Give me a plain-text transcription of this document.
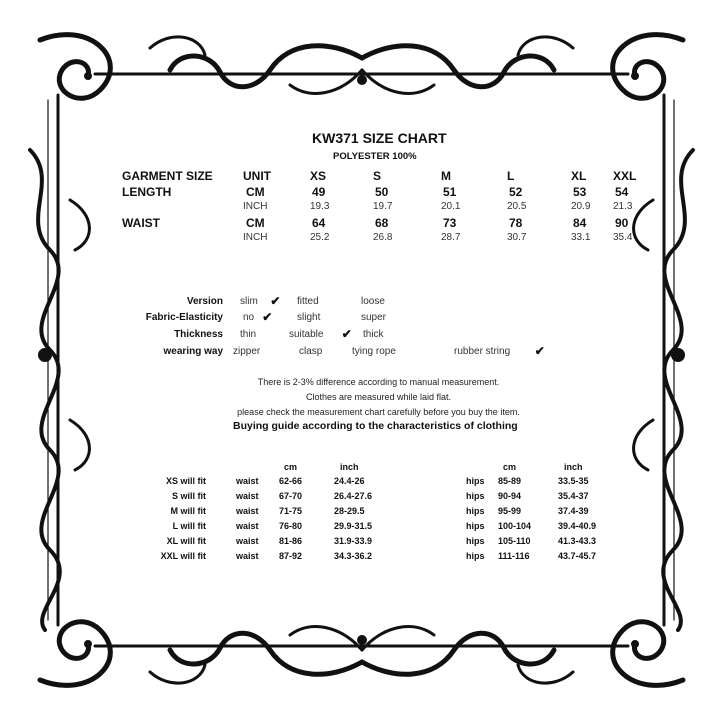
KW371 SIZE CHART
POLYESTER 100%
GARMENT SIZE	UNIT	XS	S	M	L	XL XXL
LENGTH	CM	49	50	51	52	53 54
INCH	19.3	19.7	20.1	20.5	20.9 21.3
WAIST	CM	64	68	73	78	84 90
INCH	25.2	26.8	28.7	30.7	33.1 35.4
Version slim ✔ fitted	loose
Fabric-Elasticity no ✔ slight	super
Thickness thin	suitable ✔ thick
wearing way zipper	clasp	tying rope	rubber string ✔
There is 2-3% difference according to manual measurement.
Clothes are measured while laid flat.
please check the measurement chart carefully before you buy the item.
Buying guide according to the characteristics of clothing
cm	inch	cm	inch
XS will fit	waist 62-66	24.4-26	hips 85-89	33.5-35
S will fit	waist 67-70	26.4-27.6	hips 90-94	35.4-37
M will fit	waist 71-75	28-29.5	hips 95-99	37.4-39
L will fit	waist 76-80	29.9-31.5	hips 100-104	39.4-40.9
XL will fit	waist 81-86	31.9-33.9	hips 105-110	41.3-43.3
XXL will fit	waist 87-92	34.3-36.2	hips 111-116	43.7-45.7
